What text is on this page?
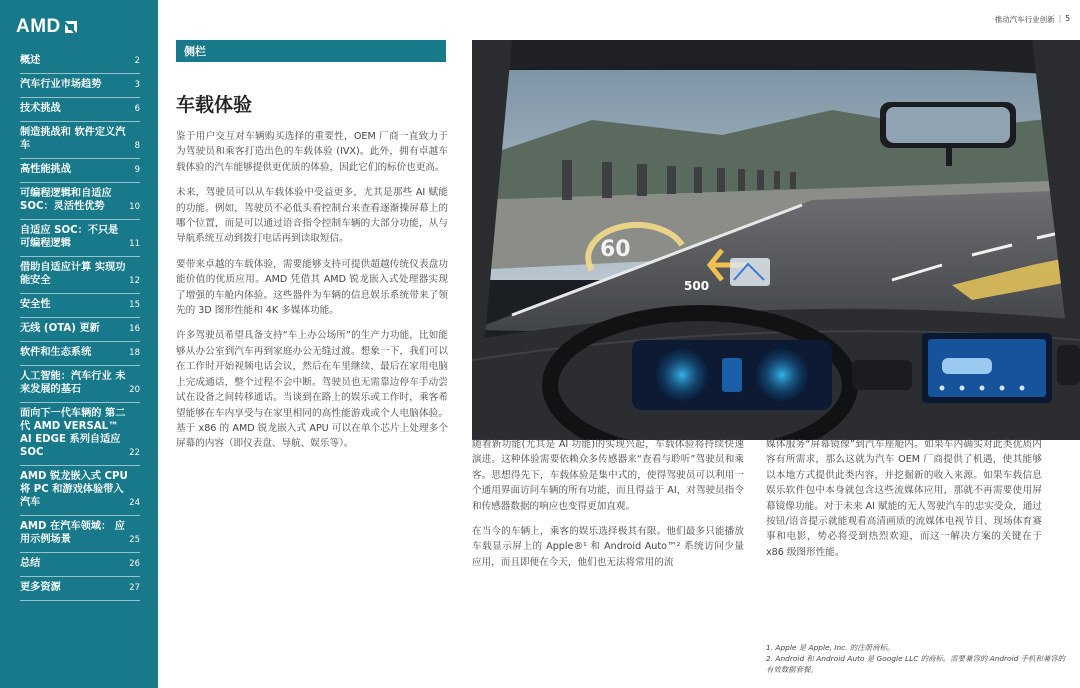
AMD
概述	2
汽车行业市场趋势	3
技术挑战	6
制造挑战和 软件定义汽车	8
高性能挑战	9
可编程逻辑和自适应 SOC：灵活性优势	10
自适应 SOC：不只是 可编程逻辑	11
借助自适应计算 实现功能安全	12
安全性	15
无线 (OTA) 更新	16
软件和生态系统	18
人工智能：汽车行业 未来发展的基石	20
面向下一代车辆的 第二代 AMD VERSAL™ AI EDGE 系列自适应 SOC	22
AMD 锐龙嵌入式 CPU 将 PC 和游戏体验带入汽车	24
AMD 在汽车领域： 应用示例场景	25
总结	26
更多资源	27
推动汽车行业创新 | 5
侧栏
车载体验

鉴于用户交互对车辆购买选择的重要性，OEM 厂商一直致力于为驾驶员和乘客打造出色的车载体验 (IVX)。此外，拥有卓越车载体验的汽车能够提供更优质的体验，因此它们的标价也更高。

未来，驾驶员可以从车载体验中受益更多，尤其是那些 AI 赋能的功能。例如，驾驶员不必低头看控制台来查看逐渐操屏幕上的哪个位置，而是可以通过语音指令控制车辆的大部分功能，从与导航系统互动到拨打电话再到读取短信。

要带来卓越的车载体验，需要能够支持可提供超越传统仪表盘功能价值的优质应用。AMD 凭借其 AMD 锐龙嵌入式处理器实现了增强的车舱内体验。这些器件为车辆的信息娱乐系统带来了领先的 3D 图形性能和 4K 多媒体功能。

许多驾驶员希望具备支持“车上办公场所”的生产力功能，比如能够从办公室到汽车再到家庭办公无缝过渡。想象一下，我们可以在工作时开始视频电话会议，然后在车里继续，最后在家用电脑上完成通话，整个过程不会中断。驾驶员也无需靠边停车手动尝试在设备之间转移通话。当谈到在路上的娱乐或工作时，乘客希望能够在车内享受与在家里相同的高性能游戏或个人电脑体验。基于 x86 的 AMD 锐龙嵌入式 APU 可以在单个芯片上处理多个屏幕的内容（即仪表盘、导航、娱乐等）。

60
500

随着新功能(尤其是 AI 功能)的实现兴起，车载体验将持续快速演进。这种体验需要依赖众多传感器来“查看与聆听”驾驶员和乘客。思想得先下，车载体验是集中式的，使得驾驶员可以利用一个通用界面访问车辆的所有功能，而且得益于 AI，对驾驶员指令和传感器数据的响应也变得更加直观。

在当今的车辆上，乘客的娱乐选择极其有限。他们最多只能播放车载显示屏上的 Apple®¹ 和 Android Auto™² 系统访问少量应用，而且即便在今天，他们也无法将常用的流

媒体服务“屏幕镜像”到汽车座舱内。如果车内确实对此类优质内容有所需求，那么这就为汽车 OEM 厂商提供了机遇，使其能够以本地方式提供此类内容，并挖掘新的收入来源。如果车载信息娱乐软件包中本身就包含这些流媒体应用，那就不再需要使用屏幕镜像功能。对于未来 AI 赋能的无人驾驶汽车的忠实受众，通过按钮/语音提示就能观看高清画质的流媒体电视节目、现场体育赛事和电影，势必将受到热烈欢迎，而这一解决方案的关键在于 x86 级图形性能。

1. Apple 是 Apple, Inc. 的注册商标。
2. Android 和 Android Auto 是 Google LLC 的商标。需要兼容的 Android 手机和兼容的有效数据套餐。
